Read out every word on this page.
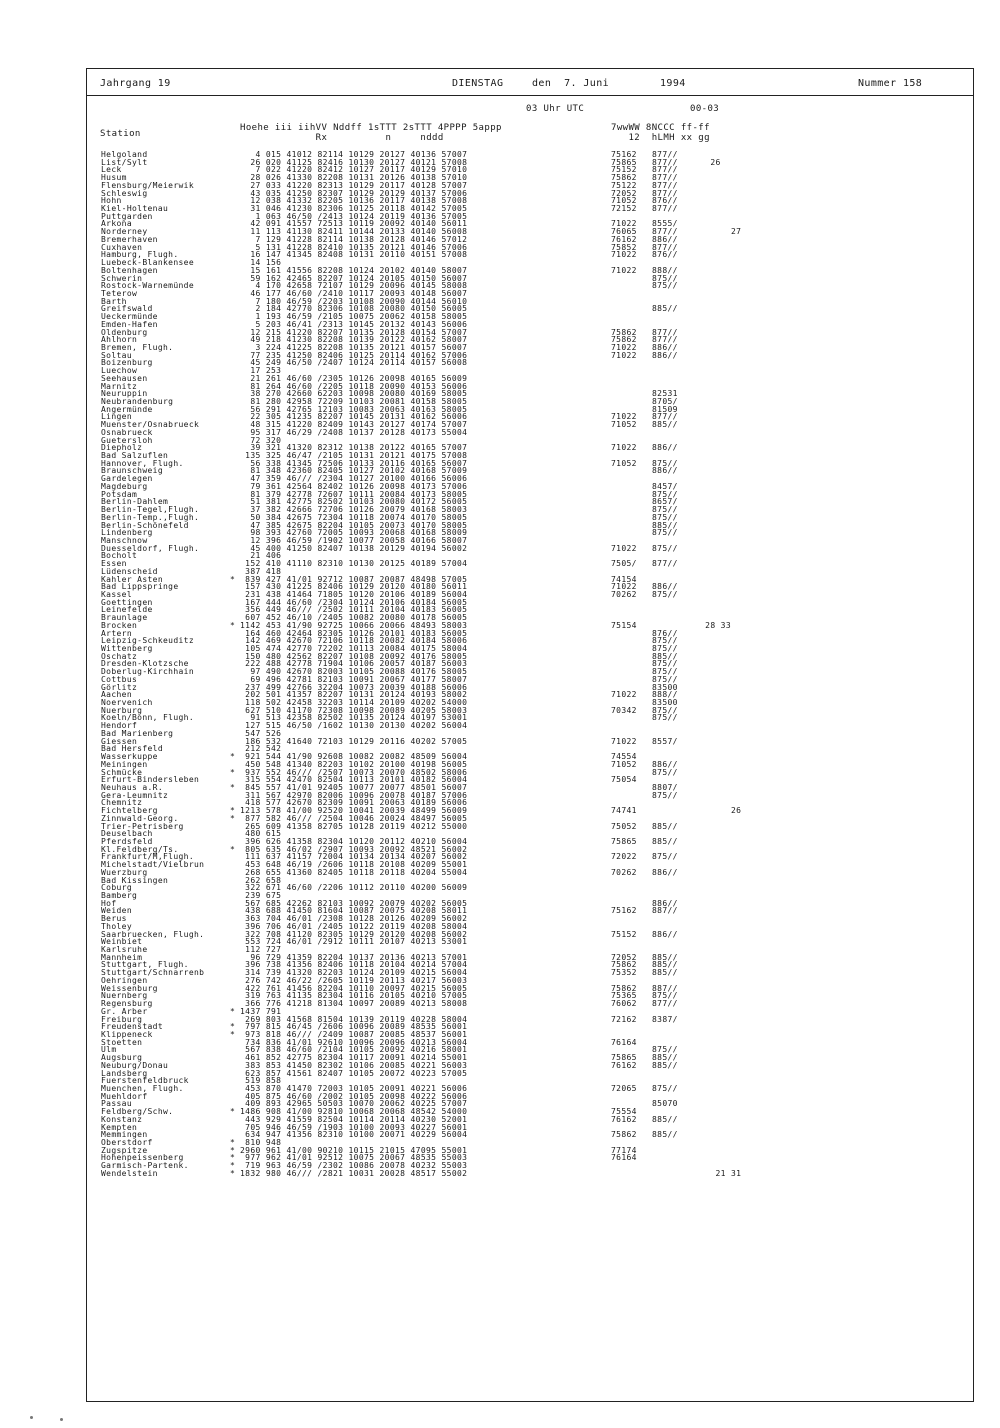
Jahrgang 19	DIENSTAG	den  7. Juni	1994	Nummer 158
03 Uhr UTC	00-03
Station
Hoehe iii iihVV Nddff 1sTTT 2sTTT 4PPPP 5appp
Rx          n     nddd
7wwWW 8NCCC ff-ff
12  hLMH xx gg
Helgoland	4 015 41012 82114 10129 20127 40136 57007	75162 877//
List/Sylt	26 020 41125 82416 10130 20127 40121 57008	75865 877//	26
Leck	7 022 41220 82412 10127 20117 40129 57010	75152 877//
Husum	28 026 41330 82208 10131 20126 40138 57010	75862 877//
Flensburg/Meierwik	27 033 41220 82313 10129 20117 40128 57007	75122 877//
Schleswig	43 035 41250 82307 10129 20129 40137 57006	72052 877//
Hohn	12 038 41332 82205 10136 20117 40138 57008	71052 876//
Kiel-Holtenau	31 046 41230 82306 10125 20118 40142 57005	72152 877//
Puttgarden	1 063 46/50 /2413 10124 20119 40136 57005
Arkona	42 091 41557 72513 10119 20092 40140 56011	71022 8555/
Norderney	11 113 41130 82411 10144 20133 40140 56008	76065 877//	27
Bremerhaven	7 129 41228 82114 10138 20128 40146 57012	76162 886//
Cuxhaven	5 131 41228 82410 10135 20121 40146 57006	75852 877//
Hamburg, Flugh.	16 147 41345 82408 10131 20110 40151 57008	71022 876//
Luebeck-Blankensee	14 156
Boltenhagen	15 161 41556 82208 10124 20102 40140 58007	71022 888//
Schwerin	59 162 42465 82207 10124 20105 40150 56007	875//
Rostock-Warnemünde	4 170 42658 72107 10129 20096 40145 58008	875//
Teterow	46 177 46/60 /2410 10117 20093 40148 56007
Barth	7 180 46/59 /2203 10108 20090 40144 56010
Greifswald	2 184 42770 82306 10108 20080 40150 56005	885//
Ueckermünde	1 193 46/59 /2105 10075 20062 40158 58005
Emden-Hafen	5 203 46/41 /2313 10145 20132 40143 56006
Oldenburg	12 215 41220 82207 10135 20128 40154 57007	75862 877//
Ahlhorn	49 218 41230 82208 10139 20122 40162 58007	75862 877//
Bremen, Flugh.	3 224 41225 82208 10135 20121 40157 56007	71022 886//
Soltau	77 235 41250 82406 10125 20114 40162 57006	71022 886//
Boizenburg	45 249 46/50 /2407 10124 20114 40157 56008
Luechow	17 253
Seehausen	21 261 46/60 /2305 10126 20098 40165 56009
Marnitz	81 264 46/60 /2205 10118 20090 40153 56006
Neuruppin	38 270 42660 62203 10098 20080 40169 58005	82531
Neubrandenburg	81 280 42958 72209 10103 20081 40158 58005	8705/
Angermünde	56 291 42765 12103 10083 20063 40163 58005	81509
Lingen	22 305 41235 82207 10145 20131 40162 56006	71022 877//
Muenster/Osnabrueck	48 315 41220 82409 10143 20127 40174 57007	71052 885//
Osnabrueck	95 317 46/29 /2408 10137 20128 40173 55004
Guetersloh	72 320
Diepholz	39 321 41320 82312 10138 20122 40165 57007	71022 886//
Bad Salzuflen	135 325 46/47 /2105 10131 20121 40175 57008
Hannover, Flugh.	56 338 41345 72506 10133 20116 40165 56007	71052 875//
Braunschweig	81 348 42360 82405 10127 20102 40168 57009	886//
Gardelegen	47 359 46/// /2304 10127 20100 40166 56006
Magdeburg	79 361 42564 82402 10126 20098 40173 57006	8457/
Potsdam	81 379 42778 72607 10111 20084 40173 58005	875//
Berlin-Dahlem	51 381 42775 82502 10103 20080 40172 56005	8657/
Berlin-Tegel,Flugh.	37 382 42666 72706 10126 20079 40168 58003	875//
Berlin-Temp.,Flugh.	50 384 42675 72304 10118 20074 40170 58005	875//
Berlin-Schönefeld	47 385 42675 82204 10105 20073 40170 58005	885//
Lindenberg	98 393 42760 72005 10093 20068 40168 58009	875//
Manschnow	12 396 46/59 /1902 10077 20058 40166 58007
Duesseldorf, Flugh.	45 400 41250 82407 10138 20129 40194 56002	71022 875//
Bocholt	21 406
Essen	152 410 41110 82310 10130 20125 40189 57004	7505/ 877//
Lüdenscheid	387 418
Kahler Asten	* 839 427 41/01 92712 10087 20087 48498 57005	74154
Bad Lippspringe	157 430 41225 82406 10129 20120 40180 56011	71022 886//
Kassel	231 438 41464 71805 10120 20106 40189 56004	70262 875//
Goettingen	167 444 46/60 /2304 10124 20106 40184 56005
Leinefelde	356 449 46/// /2502 10111 20104 40183 56005
Braunlage	607 452 46/10 /2405 10082 20080 40178 56005
Brocken	* 1142 453 41/90 92725 10066 20066 48493 58003	75154	28 33
Artern	164 460 42464 82305 10126 20101 40183 56005	876//
Leipzig-Schkeuditz	142 469 42670 72106 10118 20082 40184 58006	875//
Wittenberg	105 474 42770 72202 10113 20084 40175 58004	875//
Oschatz	150 480 42562 82207 10108 20092 40176 58005	885//
Dresden-Klotzsche	222 488 42778 71904 10106 20057 40187 56003	875//
Doberlug-Kirchhain	97 490 42670 82003 10105 20088 40176 58005	875//
Cottbus	69 496 42781 82103 10091 20067 40177 58007	875//
Görlitz	237 499 42766 32204 10073 20039 40188 56006	83500
Aachen	202 501 41357 82207 10131 20124 40193 58002	71022 888//
Noervenich	118 502 42458 32203 10114 20109 40202 54000	83500
Nuerburg	627 510 41170 72308 10098 20089 40205 58003	70342 875//
Koeln/Bonn, Flugh.	91 513 42358 82502 10135 20124 40197 53001	875//
Hendorf	127 515 46/50 /1602 10130 20130 40202 56004
Bad Marienberg	547 526
Giessen	186 532 41640 72103 10129 20116 40202 57005	71022 8557/
Bad Hersfeld	212 542
Wasserkuppe	* 921 544 41/90 92608 10082 20082 48509 56004	74554
Meiningen	450 548 41340 82203 10102 20100 40198 56005	71052 886//
Schmücke	* 937 552 46/// /2507 10073 20070 48502 58006	875//
Erfurt-Bindersleben	315 554 42470 82504 10113 20101 40182 56004	75054
Neuhaus a.R.	* 845 557 41/01 92405 10077 20077 48501 56007	8807/
Gera-Leumnitz	311 567 42970 82006 10096 20078 40187 57006	875//
Chemnitz	418 577 42670 82309 10091 20063 40189 56006
Fichtelberg	* 1213 578 41/00 92520 10041 20039 48499 56009	74741	26
Zinnwald-Georg.	* 877 582 46/// /2504 10046 20024 48497 56005
Trier-Petrisberg	265 609 41358 82705 10128 20119 40212 55000	75052 885//
Deuselbach	480 615
Pferdsfeld	396 626 41358 82304 10120 20112 40210 56004	75865 885//
Kl.Feldberg/Ts.	* 805 635 46/02 /2907 10093 20092 48521 56002
Frankfurt/M,Flugh.	111 637 41157 72004 10134 20134 40207 56002	72022 875//
Michelstadt/Vielbrun	453 648 46/19 /2606 10118 20108 40209 55001
Wuerzburg	268 655 41360 82405 10118 20118 40204 55004	70262 886//
Bad Kissingen	262 658
Coburg	322 671 46/60 /2206 10112 20110 40200 56009
Bamberg	239 675
Hof	567 685 42262 82103 10092 20079 40202 56005	886//
Weiden	438 688 41450 81604 10087 20075 40208 58011	75162 887//
Berus	363 704 46/01 /2308 10128 20126 40209 56002
Tholey	396 706 46/01 /2405 10122 20119 40208 58004
Saarbruecken, Flugh.	322 708 41120 82305 10129 20120 40208 56002	75152 886//
Weinbiet	553 724 46/01 /2912 10111 20107 40213 53001
Karlsruhe	112 727
Mannheim	96 729 41359 82204 10137 20136 40213 57001	72052 885//
Stuttgart, Flugh.	396 738 41356 82406 10118 20104 40214 57004	75862 885//
Stuttgart/Schnarrenb	314 739 41320 82203 10124 20109 40215 56004	75352 885//
Oehringen	276 742 46/22 /2605 10119 20113 40217 56003
Weissenburg	422 761 41456 82204 10110 20097 40215 56005	75862 887//
Nuernberg	319 763 41135 82304 10116 20105 40210 57005	75365 875//
Regensburg	366 776 41218 81304 10097 20089 40213 58008	76062 877//
Gr. Arber	* 1437 791
Freiburg	269 803 41568 81504 10139 20119 40228 58004	72162 8387/
Freudenstadt	* 797 815 46/45 /2606 10096 20089 48535 56001
Klippeneck	* 973 818 46/// /2409 10087 20085 48537 56001
Stoetten	734 836 41/01 92610 10096 20096 40213 56004	76164
Ulm	567 838 46/60 /2104 10105 20092 40216 58001	875//
Augsburg	461 852 42775 82304 10117 20091 40214 55001	75865 885//
Neuburg/Donau	383 853 41450 82302 10106 20085 40221 56003	76162 885//
Landsberg	623 857 41561 82407 10105 20072 40223 57005
Fuerstenfeldbruck	519 858
Muenchen, Flugh.	453 870 41470 72003 10105 20091 40221 56006	72065 875//
Muehldorf	405 875 46/60 /2002 10105 20098 40222 56006
Passau	409 893 42965 50503 10070 20062 40225 57007	85070
Feldberg/Schw.	* 1486 908 41/00 92810 10068 20068 48542 54000	75554
Konstanz	443 929 41559 82504 10114 20114 40230 52001	76162 885//
Kempten	705 946 46/59 /1903 10100 20093 40227 56001
Memmingen	634 947 41356 82310 10100 20071 40229 56004	75862 885//
Oberstdorf	* 810 948
Zugspitze	* 2960 961 41/00 90210 10115 21015 47095 55001	77174
Hohenpeissenberg	* 977 962 41/01 92512 10075 20067 48535 55003	76164
Garmisch-Partenk.	* 719 963 46/59 /2302 10086 20078 40232 55003
Wendelstein	* 1832 980 46/// /2821 10031 20028 48517 55002	21 31
